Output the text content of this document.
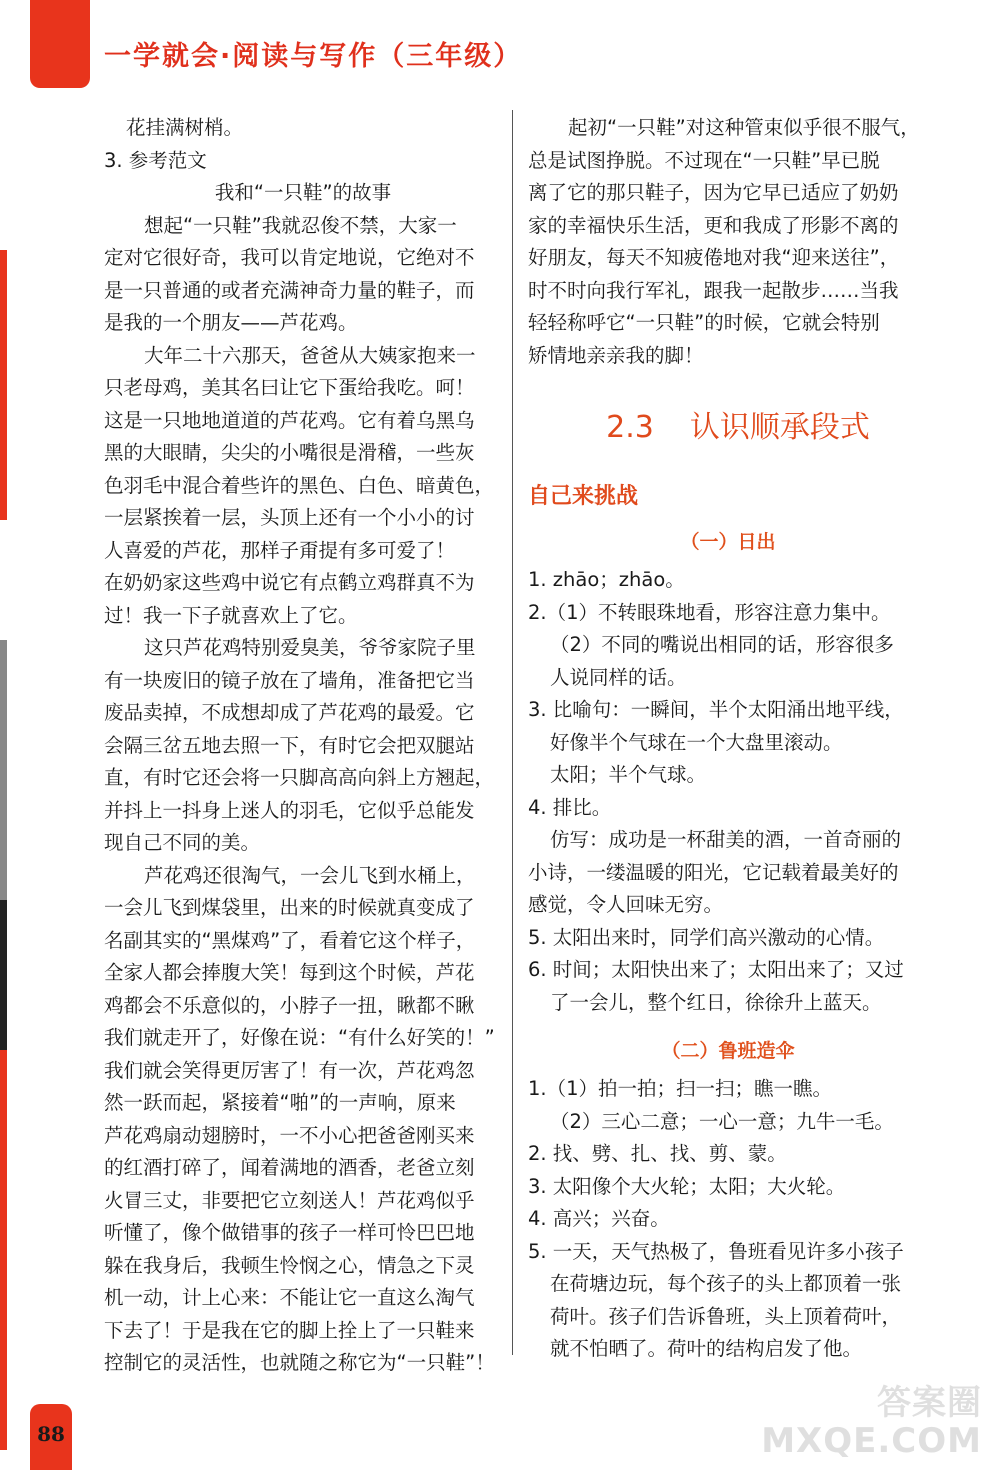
一学就会·阅读与写作（三年级）
花挂满树梢。
3. 参考范文
我和“一只鞋”的故事
想起“一只鞋”我就忍俊不禁，大家一
定对它很好奇，我可以肯定地说，它绝对不
是一只普通的或者充满神奇力量的鞋子，而
是我的一个朋友——芦花鸡。
大年二十六那天，爸爸从大姨家抱来一
只老母鸡，美其名曰让它下蛋给我吃。呵！
这是一只地地道道的芦花鸡。它有着乌黑乌
黑的大眼睛，尖尖的小嘴很是滑稽，一些灰
色羽毛中混合着些许的黑色、白色、暗黄色，
一层紧挨着一层，头顶上还有一个小小的讨
人喜爱的芦花，那样子甭提有多可爱了！
在奶奶家这些鸡中说它有点鹤立鸡群真不为
过！我一下子就喜欢上了它。
这只芦花鸡特别爱臭美，爷爷家院子里
有一块废旧的镜子放在了墙角，准备把它当
废品卖掉，不成想却成了芦花鸡的最爱。它
会隔三岔五地去照一下，有时它会把双腿站
直，有时它还会将一只脚高高向斜上方翘起，
并抖上一抖身上迷人的羽毛，它似乎总能发
现自己不同的美。
芦花鸡还很淘气，一会儿飞到水桶上，
一会儿飞到煤袋里，出来的时候就真变成了
名副其实的“黑煤鸡”了，看着它这个样子，
全家人都会捧腹大笑！每到这个时候，芦花
鸡都会不乐意似的，小脖子一扭，瞅都不瞅
我们就走开了，好像在说：“有什么好笑的！”
我们就会笑得更厉害了！有一次，芦花鸡忽
然一跃而起，紧接着“啪”的一声响，原来
芦花鸡扇动翅膀时，一不小心把爸爸刚买来
的红酒打碎了，闻着满地的酒香，老爸立刻
火冒三丈，非要把它立刻送人！芦花鸡似乎
听懂了，像个做错事的孩子一样可怜巴巴地
躲在我身后，我顿生怜悯之心，情急之下灵
机一动，计上心来：不能让它一直这么淘气
下去了！于是我在它的脚上拴上了一只鞋来
控制它的灵活性，也就随之称它为“一只鞋”！
起初“一只鞋”对这种管束似乎很不服气，
总是试图挣脱。不过现在“一只鞋”早已脱
离了它的那只鞋子，因为它早已适应了奶奶
家的幸福快乐生活，更和我成了形影不离的
好朋友，每天不知疲倦地对我“迎来送往”，
时不时向我行军礼，跟我一起散步……当我
轻轻称呼它“一只鞋”的时候，它就会特别
矫情地亲亲我的脚！
2.3 认识顺承段式
自己来挑战
（一）日出
1. zhāo；zhāo。
2.（1）不转眼珠地看，形容注意力集中。
（2）不同的嘴说出相同的话，形容很多
人说同样的话。
3. 比喻句：一瞬间，半个太阳涌出地平线，
好像半个气球在一个大盘里滚动。
太阳；半个气球。
4. 排比。
仿写：成功是一杯甜美的酒，一首奇丽的
小诗，一缕温暖的阳光，它记载着最美好的
感觉，令人回味无穷。
5. 太阳出来时，同学们高兴激动的心情。
6. 时间；太阳快出来了；太阳出来了；又过
了一会儿，整个红日，徐徐升上蓝天。
（二）鲁班造伞
1.（1）拍一拍；扫一扫；瞧一瞧。
（2）三心二意；一心一意；九牛一毛。
2. 找、劈、扎、找、剪、蒙。
3. 太阳像个大火轮；太阳；大火轮。
4. 高兴；兴奋。
5. 一天，天气热极了，鲁班看见许多小孩子
在荷塘边玩，每个孩子的头上都顶着一张
荷叶。孩子们告诉鲁班，头上顶着荷叶，
就不怕晒了。荷叶的结构启发了他。
88
答案圈
MXQE.COM
